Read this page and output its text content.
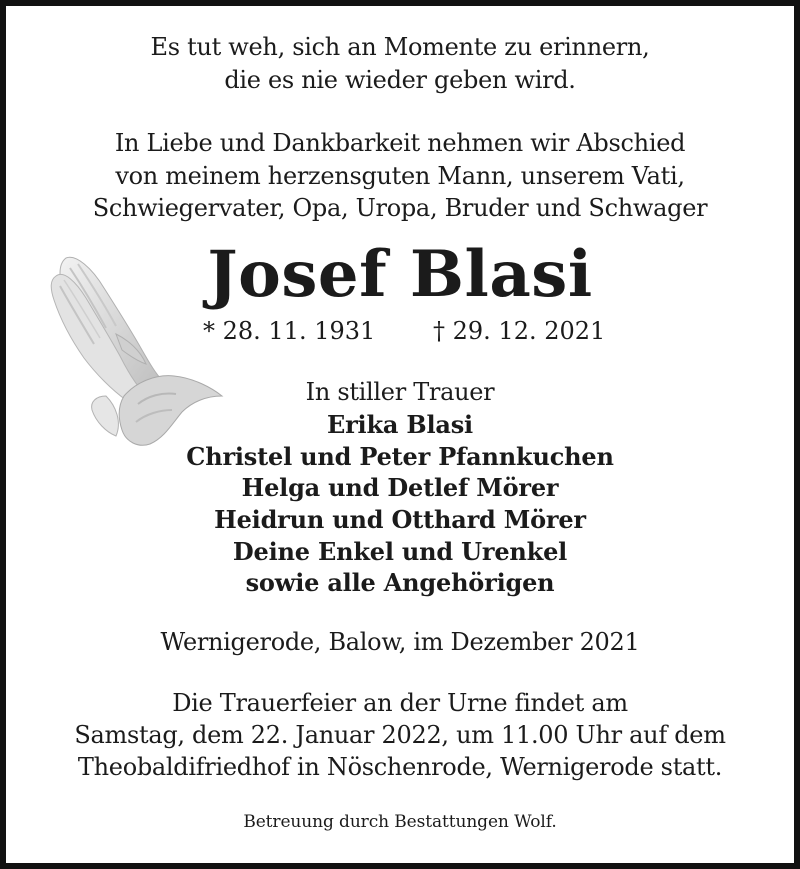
Es tut weh, sich an Momente zu erinnern,

die es nie wieder geben wird.

In Liebe und Dankbarkeit nehmen wir Abschied

von meinem herzensguten Mann, unserem Vati,

Schwiegervater, Opa, Uropa, Bruder und Schwager

Josef Blasi

* 28. 11. 1931 † 29. 12. 2021

In stiller Trauer

Erika Blasi

Christel und Peter Pfannkuchen

Helga und Detlef Mörer

Heidrun und Otthard Mörer

Deine Enkel und Urenkel

sowie alle Angehörigen

Wernigerode, Balow, im Dezember 2021

Die Trauerfeier an der Urne findet am

Samstag, dem 22. Januar 2022, um 11.00 Uhr auf dem

Theobaldifriedhof in Nöschenrode, Wernigerode statt.

Betreuung durch Bestattungen Wolf.
